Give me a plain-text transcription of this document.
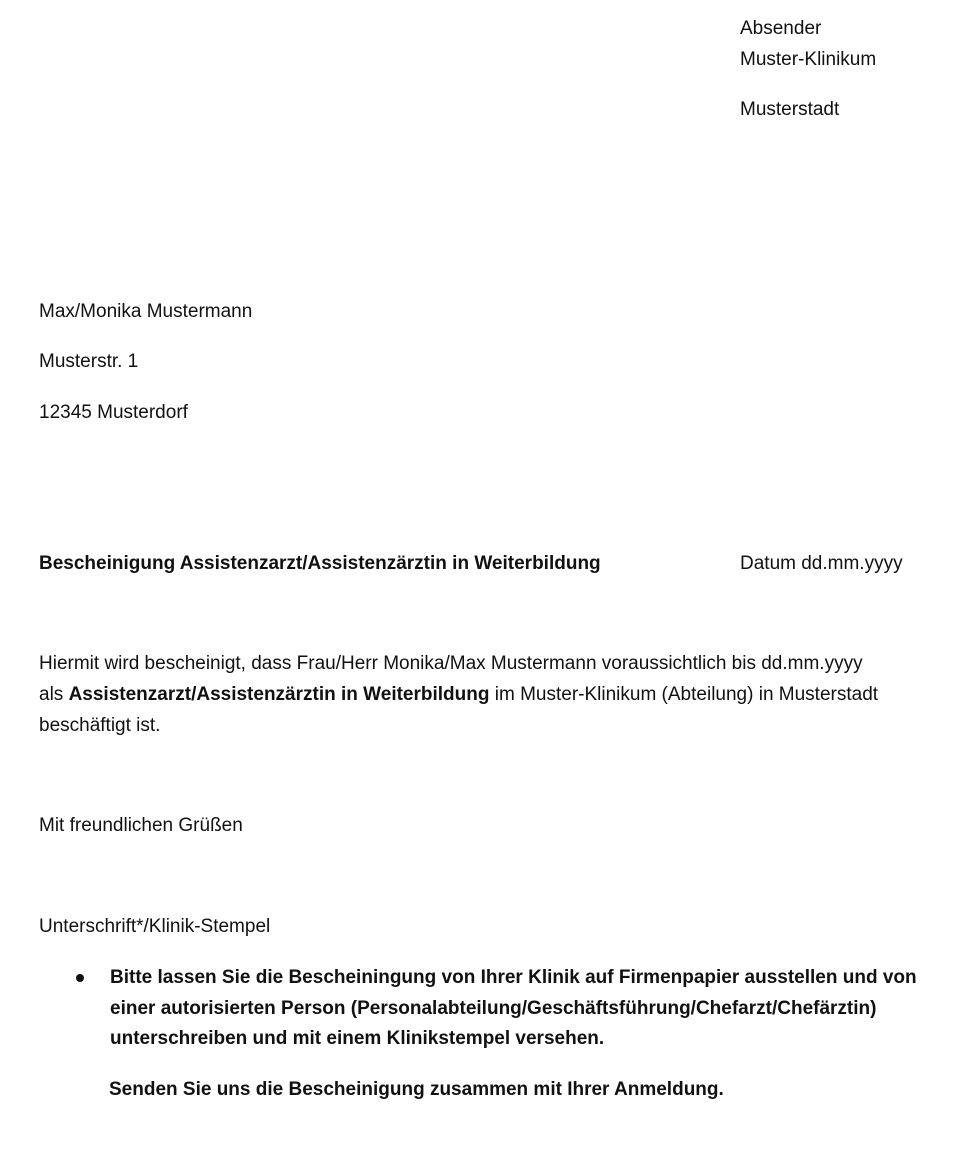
Absender
Muster-Klinikum
Musterstadt
Max/Monika Mustermann
Musterstr. 1
12345 Musterdorf
Bescheinigung Assistenzarzt/Assistenzärztin in Weiterbildung	Datum dd.mm.yyyy
Hiermit wird bescheinigt, dass Frau/Herr Monika/Max Mustermann voraussichtlich bis dd.mm.yyyy
als Assistenzarzt/Assistenzärztin in Weiterbildung im Muster-Klinikum (Abteilung) in Musterstadt
beschäftigt ist.
Mit freundlichen Grüßen
Unterschrift*/Klinik-Stempel
Bitte lassen Sie die Bescheiningung von Ihrer Klinik auf Firmenpapier ausstellen und von
einer autorisierten Person (Personalabteilung/Geschäftsführung/Chefarzt/Chefärztin)
unterschreiben und mit einem Klinikstempel versehen.
Senden Sie uns die Bescheinigung zusammen mit Ihrer Anmeldung.
